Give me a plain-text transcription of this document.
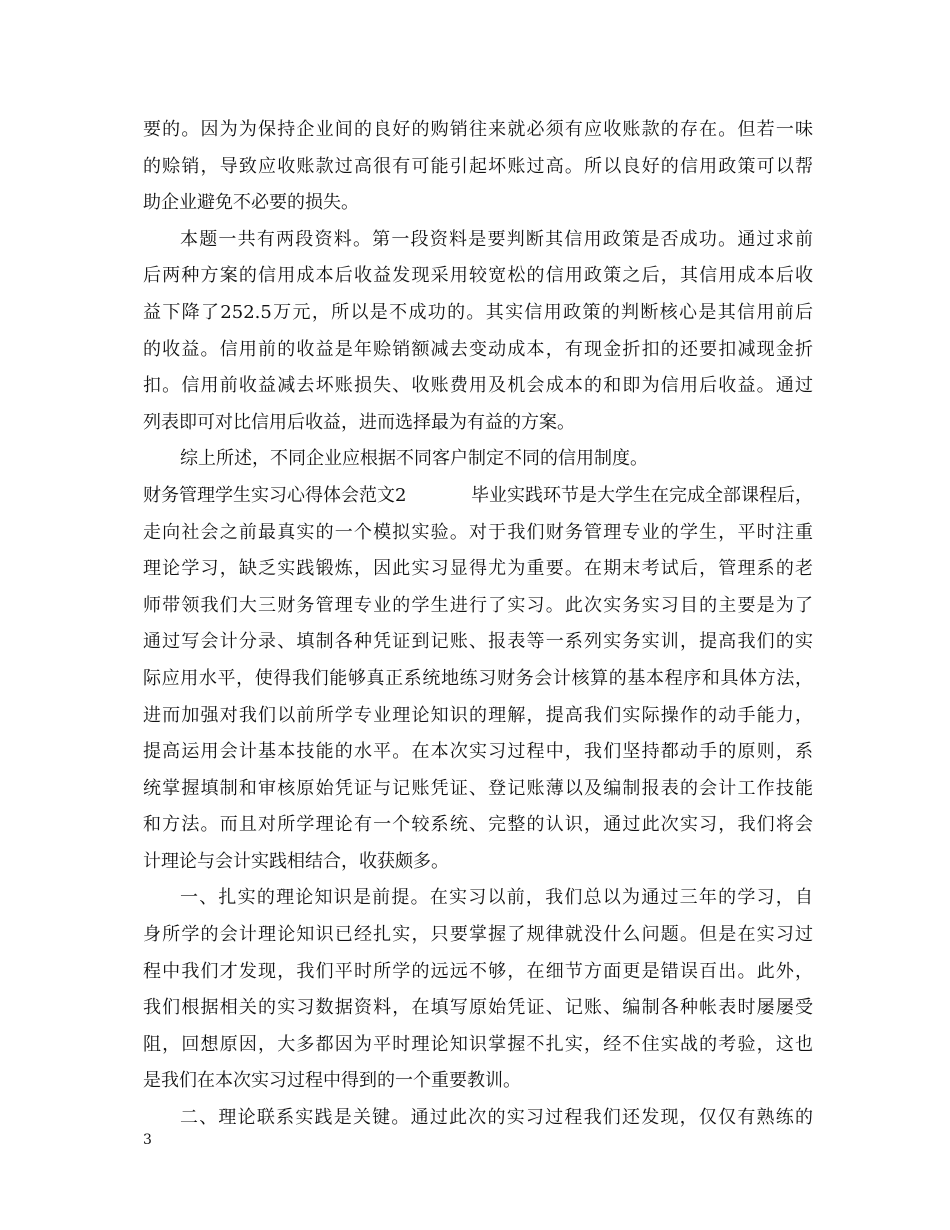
要的。因为为保持企业间的良好的购销往来就必须有应收账款的存在。但若一味
的赊销，导致应收账款过高很有可能引起坏账过高。所以良好的信用政策可以帮
助企业避免不必要的损失。
本题一共有两段资料。第一段资料是要判断其信用政策是否成功。通过求前
后两种方案的信用成本后收益发现采用较宽松的信用政策之后，其信用成本后收
益下降了252.5万元，所以是不成功的。其实信用政策的判断核心是其信用前后
的收益。信用前的收益是年赊销额减去变动成本，有现金折扣的还要扣减现金折
扣。信用前收益减去坏账损失、收账费用及机会成本的和即为信用后收益。通过
列表即可对比信用后收益，进而选择最为有益的方案。
综上所述，不同企业应根据不同客户制定不同的信用制度。
财务管理学生实习心得体会范文2	毕业实践环节是大学生在完成全部课程后，
走向社会之前最真实的一个模拟实验。对于我们财务管理专业的学生，平时注重
理论学习，缺乏实践锻炼，因此实习显得尤为重要。在期末考试后，管理系的老
师带领我们大三财务管理专业的学生进行了实习。此次实务实习目的主要是为了
通过写会计分录、填制各种凭证到记账、报表等一系列实务实训，提高我们的实
际应用水平，使得我们能够真正系统地练习财务会计核算的基本程序和具体方法，
进而加强对我们以前所学专业理论知识的理解，提高我们实际操作的动手能力，
提高运用会计基本技能的水平。在本次实习过程中，我们坚持都动手的原则，系
统掌握填制和审核原始凭证与记账凭证、登记账薄以及编制报表的会计工作技能
和方法。而且对所学理论有一个较系统、完整的认识，通过此次实习，我们将会
计理论与会计实践相结合，收获颇多。
一、扎实的理论知识是前提。在实习以前，我们总以为通过三年的学习，自
身所学的会计理论知识已经扎实，只要掌握了规律就没什么问题。但是在实习过
程中我们才发现，我们平时所学的远远不够，在细节方面更是错误百出。此外，
我们根据相关的实习数据资料，在填写原始凭证、记账、编制各种帐表时屡屡受
阻，回想原因，大多都因为平时理论知识掌握不扎实，经不住实战的考验，这也
是我们在本次实习过程中得到的一个重要教训。
二、理论联系实践是关键。通过此次的实习过程我们还发现，仅仅有熟练的
3
